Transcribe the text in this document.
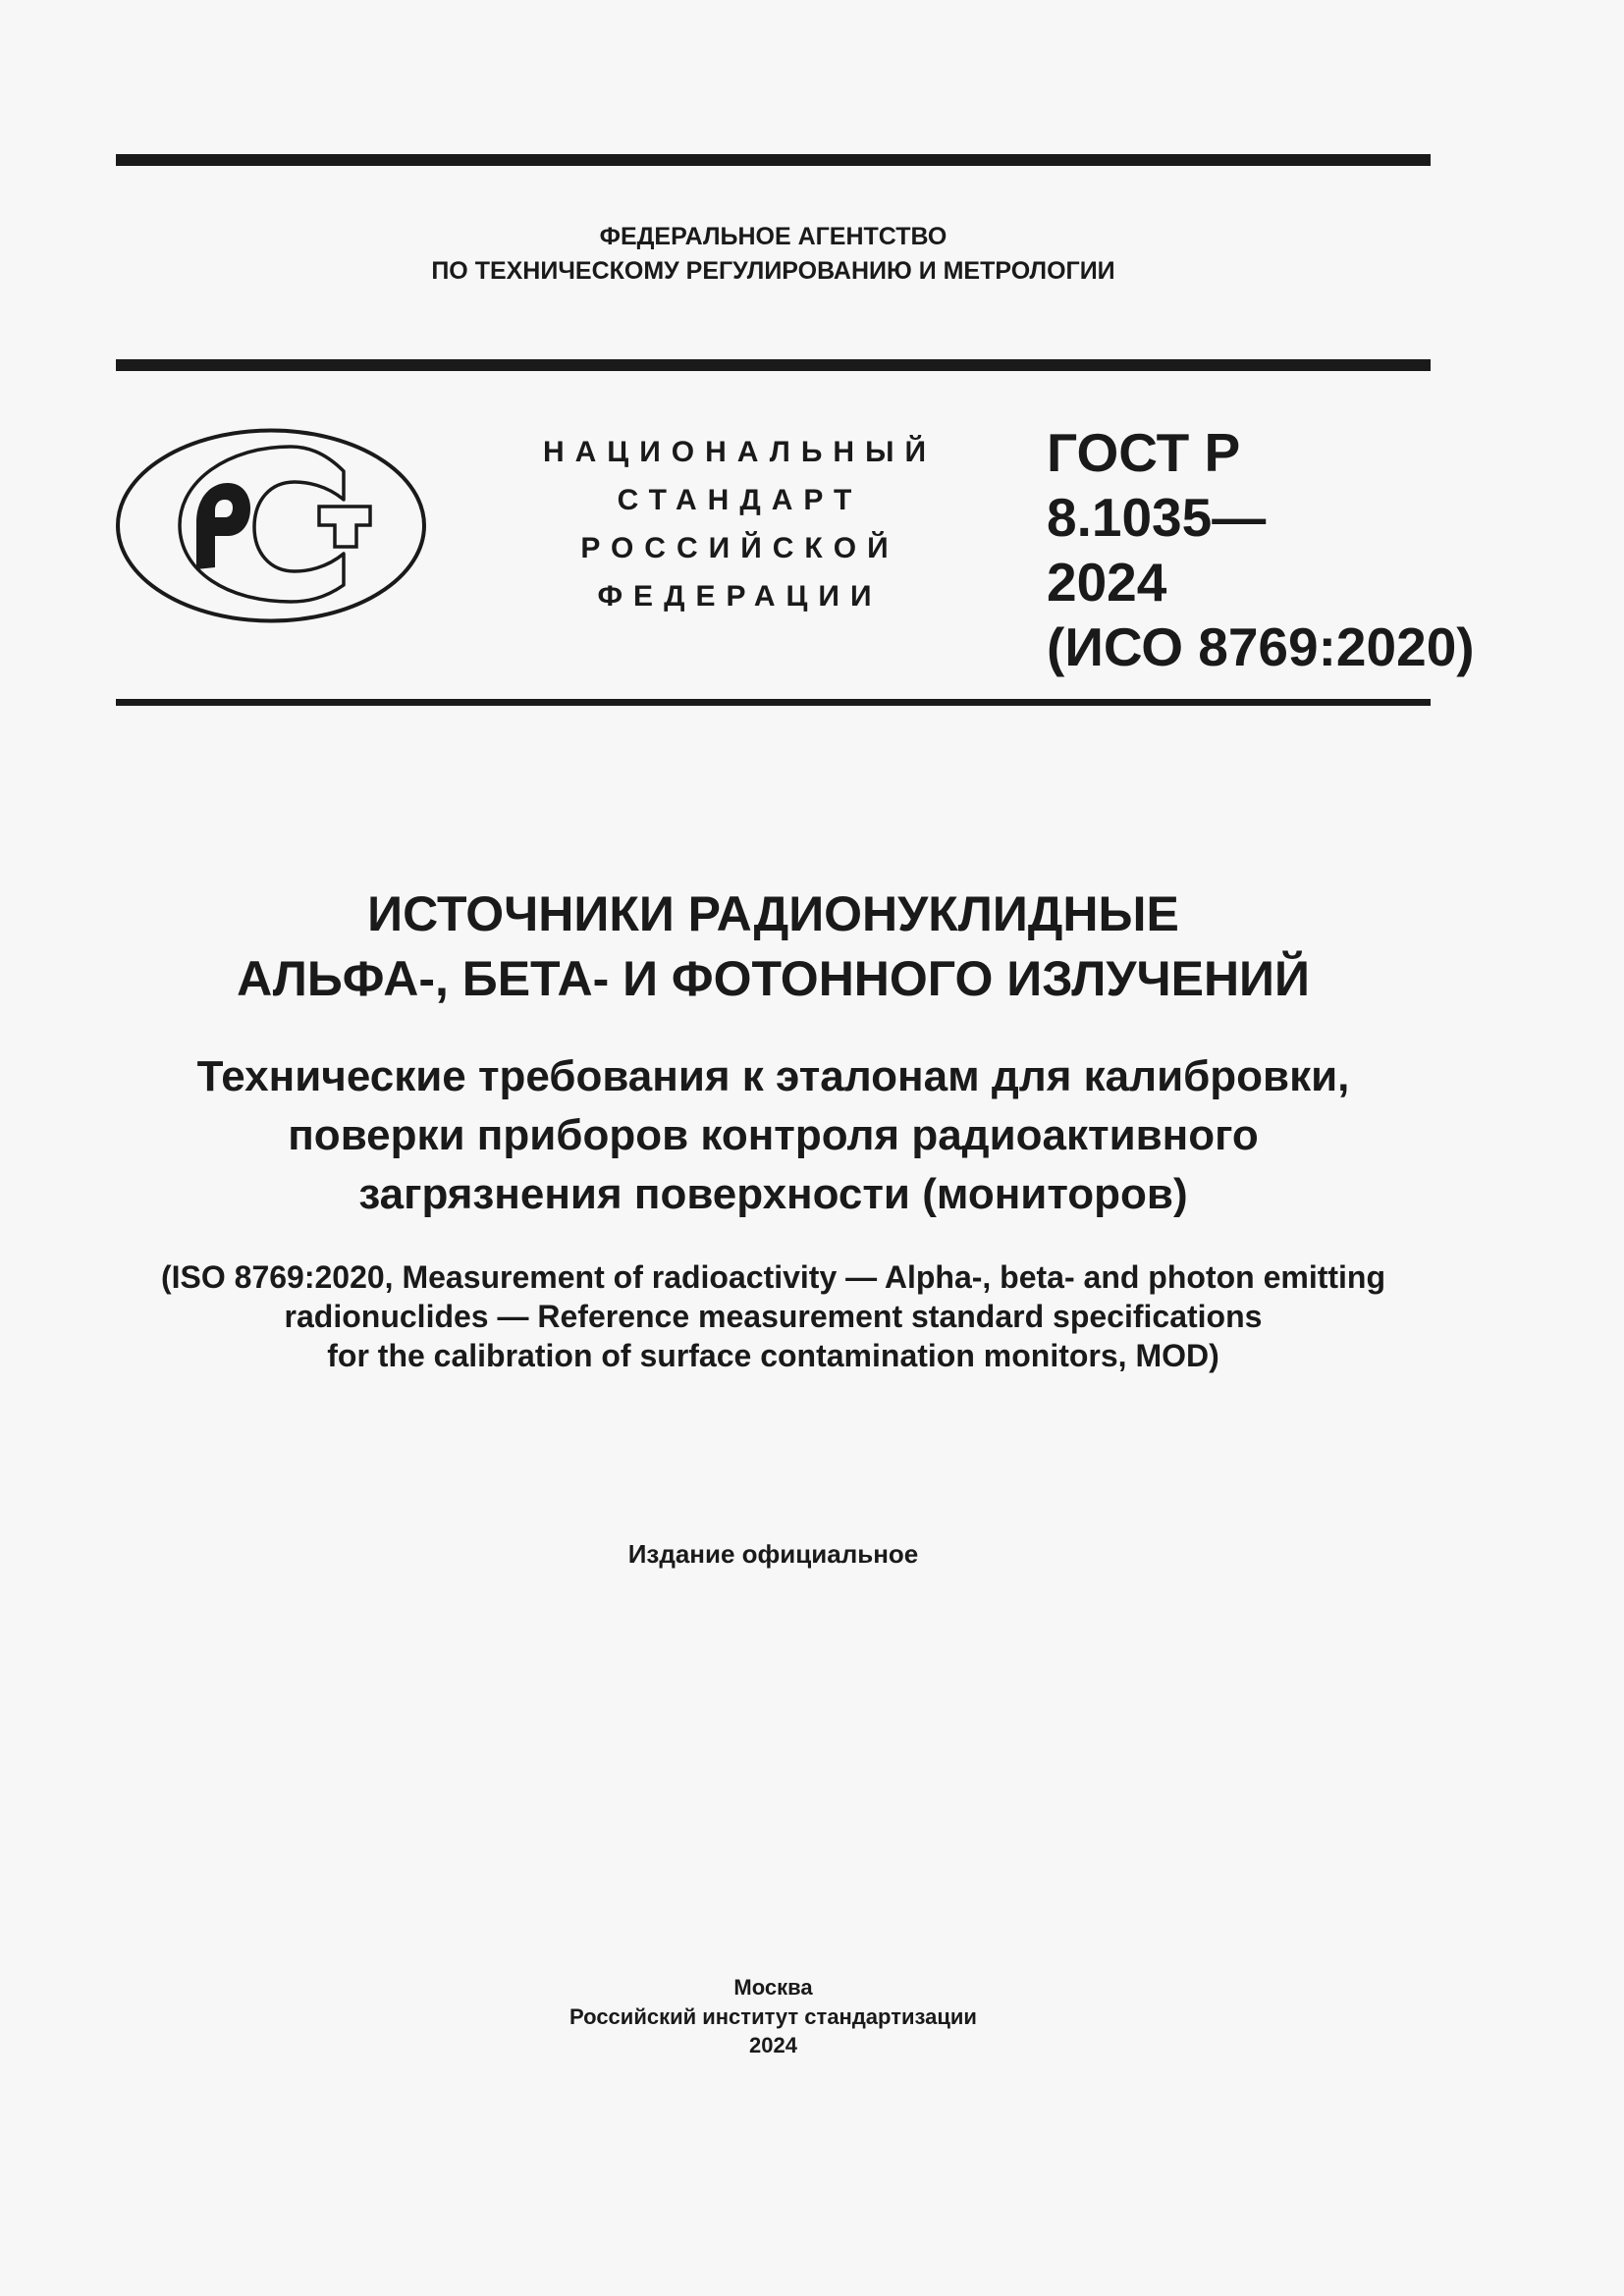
ФЕДЕРАЛЬНОЕ АГЕНТСТВО
ПО ТЕХНИЧЕСКОМУ РЕГУЛИРОВАНИЮ И МЕТРОЛОГИИ
НАЦИОНАЛЬНЫЙ
СТАНДАРТ
РОССИЙСКОЙ
ФЕДЕРАЦИИ
ГОСТ Р
8.1035—
2024
(ИСО 8769:2020)
ИСТОЧНИКИ РАДИОНУКЛИДНЫЕ
АЛЬФА-, БЕТА- И ФОТОННОГО ИЗЛУЧЕНИЙ
Технические требования к эталонам для калибровки,
поверки приборов контроля радиоактивного
загрязнения поверхности (мониторов)
(ISO 8769:2020, Measurement of radioactivity — Alpha-, beta- and photon emitting
radionuclides — Reference measurement standard specifications
for the calibration of surface contamination monitors, MOD)
Издание официальное
Москва
Российский институт стандартизации
2024
